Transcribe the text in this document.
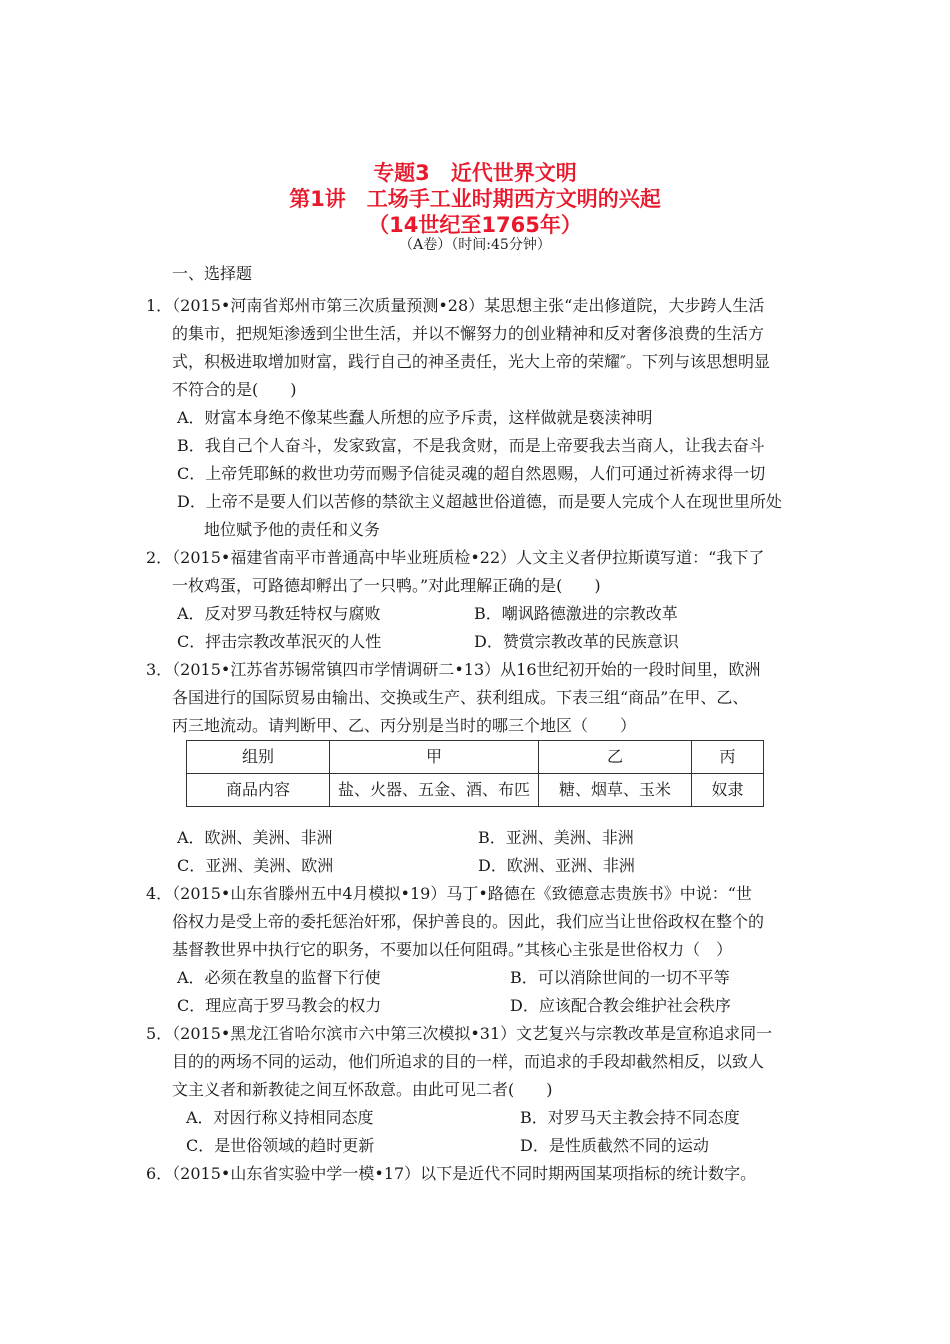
专题3　近代世界文明
第1讲　工场手工业时期西方文明的兴起
（14世纪至1765年）
（A卷）（时间:45分钟）
一、选择题
1．（2015•河南省郑州市第三次质量预测•28）某思想主张“走出修道院，大步跨人生活
的集市，把规矩渗透到尘世生活，并以不懈努力的创业精神和反对奢侈浪费的生活方
式，积极进取增加财富，践行自己的神圣责任，光大上帝的荣耀″。下列与该思想明显
不符合的是(　　)
A．财富本身绝不像某些蠢人所想的应予斥责，这样做就是亵渎神明
B．我自己个人奋斗，发家致富，不是我贪财，而是上帝要我去当商人，让我去奋斗
C．上帝凭耶稣的救世功劳而赐予信徒灵魂的超自然恩赐，人们可通过祈祷求得一切
D．上帝不是要人们以苦修的禁欲主义超越世俗道德，而是要人完成个人在现世里所处
地位赋予他的责任和义务
2．（2015•福建省南平市普通高中毕业班质检•22）人文主义者伊拉斯谟写道：“我下了
一枚鸡蛋，可路德却孵出了一只鸭。”对此理解正确的是(　　)
A．反对罗马教廷特权与腐败	B．嘲讽路德激进的宗教改革
C．抨击宗教改革泯灭的人性	D．赞赏宗教改革的民族意识
3．（2015•江苏省苏锡常镇四市学情调研二•13）从16世纪初开始的一段时间里，欧洲
各国进行的国际贸易由输出、交换或生产、获利组成。下表三组“商品”在甲、乙、
丙三地流动。请判断甲、乙、丙分别是当时的哪三个地区（　　）
组别	甲	乙	丙
商品内容	盐、火器、五金、酒、布匹	糖、烟草、玉米	奴隶
A．欧洲、美洲、非洲	B．亚洲、美洲、非洲
C．亚洲、美洲、欧洲	D．欧洲、亚洲、非洲
4．（2015•山东省滕州五中4月模拟•19）马丁•路德在《致德意志贵族书》中说：“世
俗权力是受上帝的委托惩治奸邪，保护善良的。因此，我们应当让世俗政权在整个的
基督教世界中执行它的职务，不要加以任何阻碍。”其核心主张是世俗权力（　）
A．必须在教皇的监督下行使	B．可以消除世间的一切不平等
C．理应高于罗马教会的权力	D．应该配合教会维护社会秩序
5．（2015•黑龙江省哈尔滨市六中第三次模拟•31）文艺复兴与宗教改革是宣称追求同一
目的的两场不同的运动，他们所追求的目的一样，而追求的手段却截然相反，以致人
文主义者和新教徒之间互怀敌意。由此可见二者(　　)
A．对因行称义持相同态度	B．对罗马天主教会持不同态度
C．是世俗领域的趋时更新	D．是性质截然不同的运动
6．（2015•山东省实验中学一模•17）以下是近代不同时期两国某项指标的统计数字。
